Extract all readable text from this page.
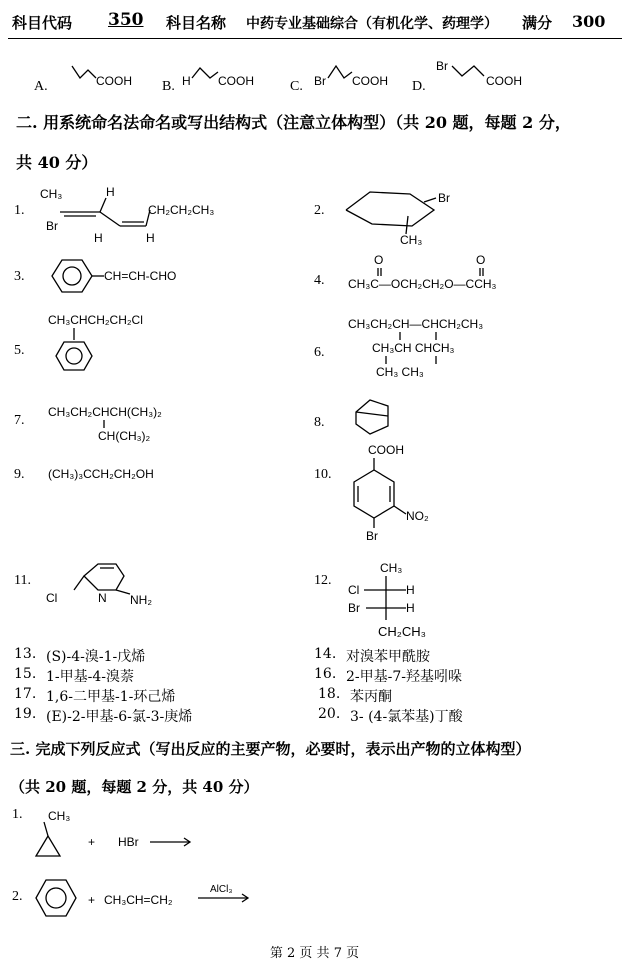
科目代码 350 科目名称 中药专业基础综合（有机化学、药理学） 满分 300
A.	COOH B. H COOH	C. Br COOH D.
Br
COOH
二. 用系统命名法命名或写出结构式（注意立体构型）（共 20 题，每题 2 分，
共 40 分）
1.
CH₃
Br
H
H	H
CH₂CH₂CH₃	2.
Br
CH₃
3.	CH=CH-CHO	4.
O	O
CH₃C—OCH₂CH₂O—CCH₃
CH₃CHCH₂CH₂Cl
5.
CH₃CH₂CH—CHCH₂CH₃
6.	CH₃CH CHCH₃
CH₃ CH₃
CH₃CH₂CHCH(CH₃)₂
7.
CH(CH₃)₂
8.
9. (CH₃)₃CCH₂CH₂OH
COOH
10.
NO₂
Br
11.
N
Cl	NH₂
CH₃
12.
Cl	H
Br	H
CH₂CH₃
13. (S)-4-溴-1-戊烯	14. 对溴苯甲酰胺
15. 1-甲基-4-溴萘	16. 2-甲基-7-羟基吲哚
17. 1,6-二甲基-1-环己烯	18. 苯丙酮
19. (E)-2-甲基-6-氯-3-庚烯	20. 3- (4-氯苯基)丁酸
三. 完成下列反应式（写出反应的主要产物，必要时，表示出产物的立体构型）
（共 20 题，每题 2 分，共 40 分）
1. CH₃
+ HBr
2.	+ CH₃CH=CH₂
AlCl₃
第 2 页 共 7 页
